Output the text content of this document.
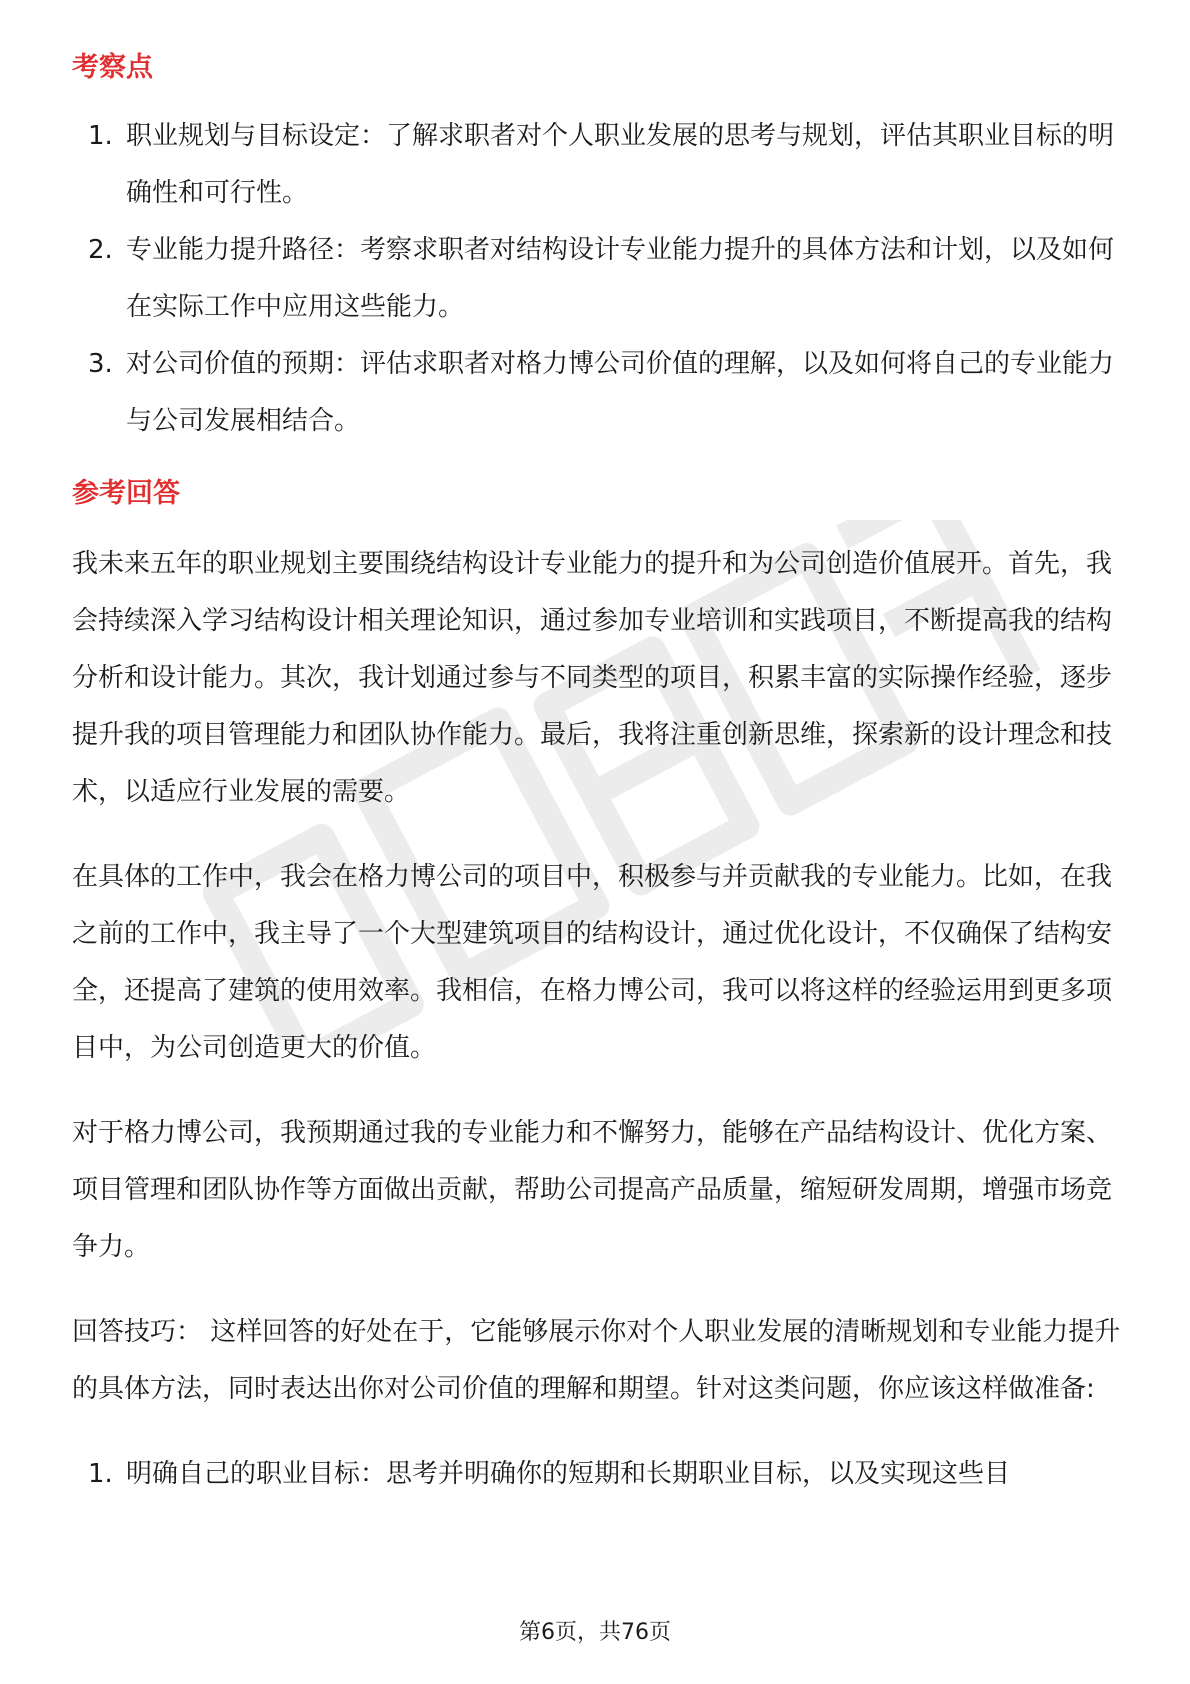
考察点
1. 职业规划与目标设定：了解求职者对个人职业发展的思考与规划，评估其职业目标的明确性和可行性。
2. 专业能力提升路径：考察求职者对结构设计专业能力提升的具体方法和计划，以及如何在实际工作中应用这些能力。
3. 对公司价值的预期：评估求职者对格力博公司价值的理解，以及如何将自己的专业能力与公司发展相结合。
参考回答

我未来五年的职业规划主要围绕结构设计专业能力的提升和为公司创造价值展开。首先，我会持续深入学习结构设计相关理论知识，通过参加专业培训和实践项目，不断提高我的结构分析和设计能力。其次，我计划通过参与不同类型的项目，积累丰富的实际操作经验，逐步提升我的项目管理能力和团队协作能力。最后，我将注重创新思维，探索新的设计理念和技术，以适应行业发展的需要。

在具体的工作中，我会在格力博公司的项目中，积极参与并贡献我的专业能力。比如，在我之前的工作中，我主导了一个大型建筑项目的结构设计，通过优化设计，不仅确保了结构安全，还提高了建筑的使用效率。我相信，在格力博公司，我可以将这样的经验运用到更多项目中，为公司创造更大的价值。

对于格力博公司，我预期通过我的专业能力和不懈努力，能够在产品结构设计、优化方案、项目管理和团队协作等方面做出贡献，帮助公司提高产品质量，缩短研发周期，增强市场竞争力。

回答技巧： 这样回答的好处在于，它能够展示你对个人职业发展的清晰规划和专业能力提升的具体方法，同时表达出你对公司价值的理解和期望。针对这类问题，你应该这样做准备:

1. 明确自己的职业目标：思考并明确你的短期和长期职业目标，以及实现这些目
第6页，共76页
